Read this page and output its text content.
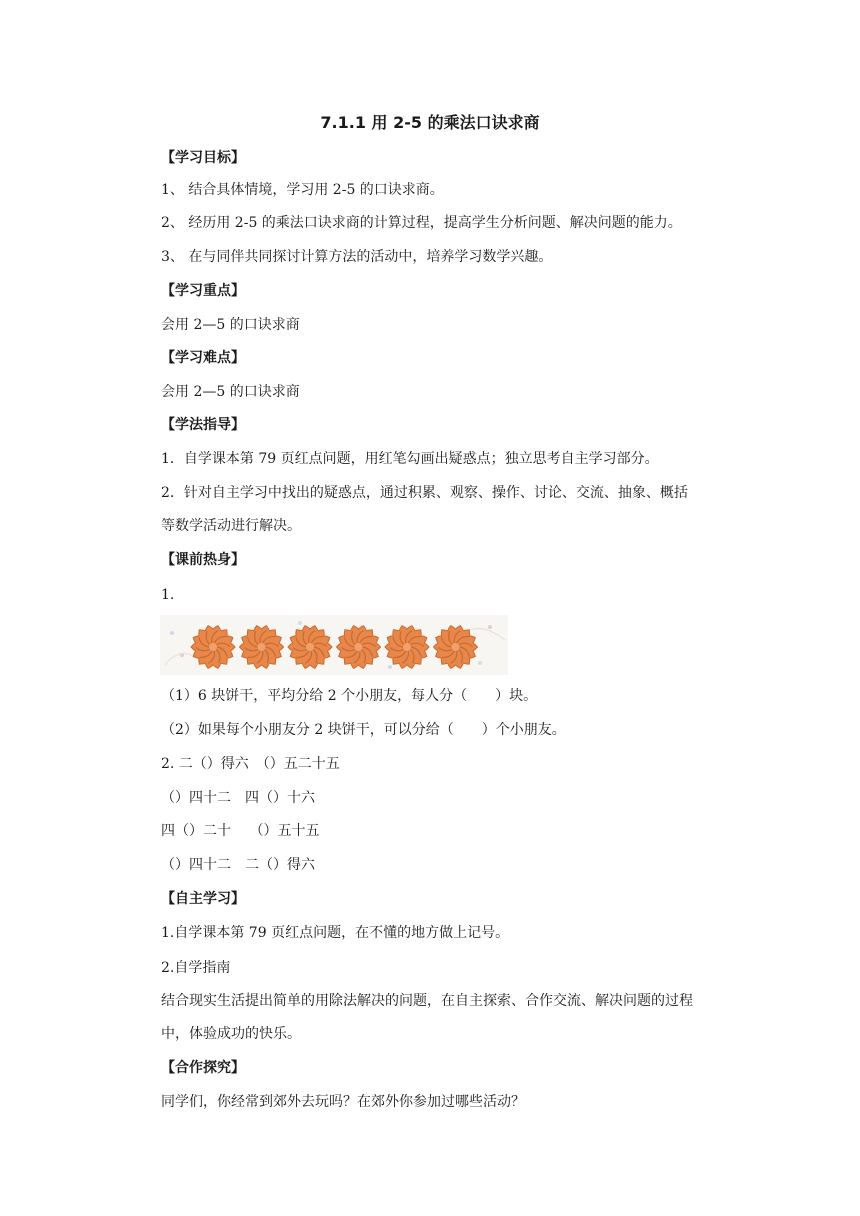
7.1.1 用 2-5 的乘法口诀求商
【学习目标】
1、 结合具体情境，学习用 2-5 的口诀求商。
2、 经历用 2-5 的乘法口诀求商的计算过程，提高学生分析问题、解决问题的能力。
3、 在与同伴共同探讨计算方法的活动中，培养学习数学兴趣。
【学习重点】
会用 2—5 的口诀求商
【学习难点】
会用 2—5 的口诀求商
【学法指导】
1．自学课本第 79 页红点问题，用红笔勾画出疑惑点；独立思考自主学习部分。
2．针对自主学习中找出的疑惑点，通过积累、观察、操作、讨论、交流、抽象、概括
等数学活动进行解决。
【课前热身】
1.
（1）6 块饼干，平均分给 2 个小朋友，每人分（　　）块。
（2）如果每个小朋友分 2 块饼干，可以分给（　　）个小朋友。
2. 二（）得六　（）五二十五
（）四十二　四（）十六
四（）二十　 （）五十五
（）四十二　二（）得六
【自主学习】
1.自学课本第 79 页红点问题，在不懂的地方做上记号。
2.自学指南
结合现实生活提出简单的用除法解决的问题，在自主探索、合作交流、解决问题的过程
中，体验成功的快乐。
【合作探究】
同学们，你经常到郊外去玩吗？在郊外你参加过哪些活动？
